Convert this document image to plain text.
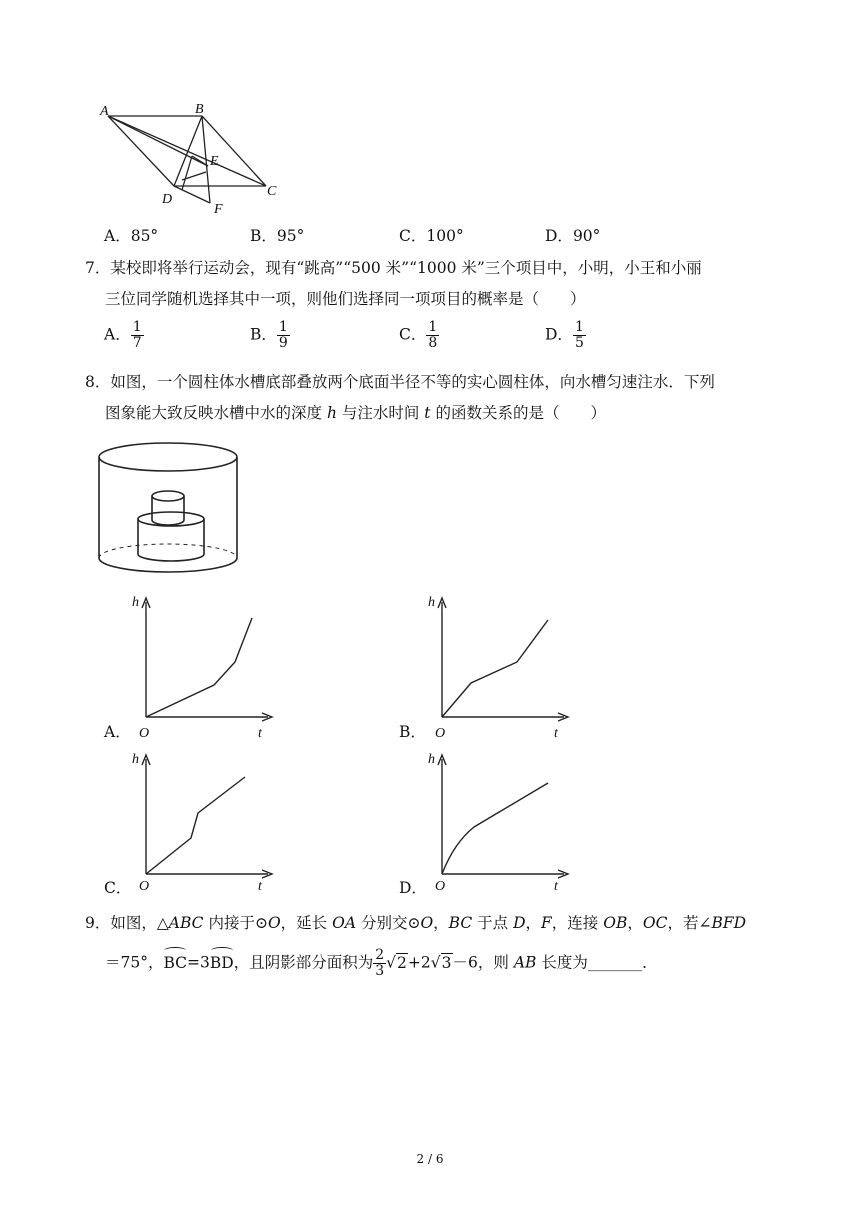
A	B
C
D
E
F
A．85°	B．95°	C．100°	D．90°
7．某校即将举行运动会，现有“跳高”“500 米”“1000 米”三个项目中，小明，小王和小丽
三位同学随机选择其中一项，则他们选择同一项项目的概率是（　　）
A． $\frac{1}{7}$	B． $\frac{1}{9}$	C． $\frac{1}{8}$	D． $\frac{1}{5}$
8．如图，一个圆柱体水槽底部叠放两个底面半径不等的实心圆柱体，向水槽匀速注水．下列
图象能大致反映水槽中水的深度 h 与注水时间 t 的函数关系的是（　　）
h
O	t
A．
h
O	t
B．
h
O	t
C．
h
O	t
D．
9．如图，△ABC 内接于⊙O，延长 OA 分别交⊙O，BC 于点 D，F，连接 OB，OC，若∠BFD
＝75°，BC=3BD，且阴影部分面积为 $\frac{2}{3} √2+2√3-6$，则 AB 长度为_______．
2 / 6
